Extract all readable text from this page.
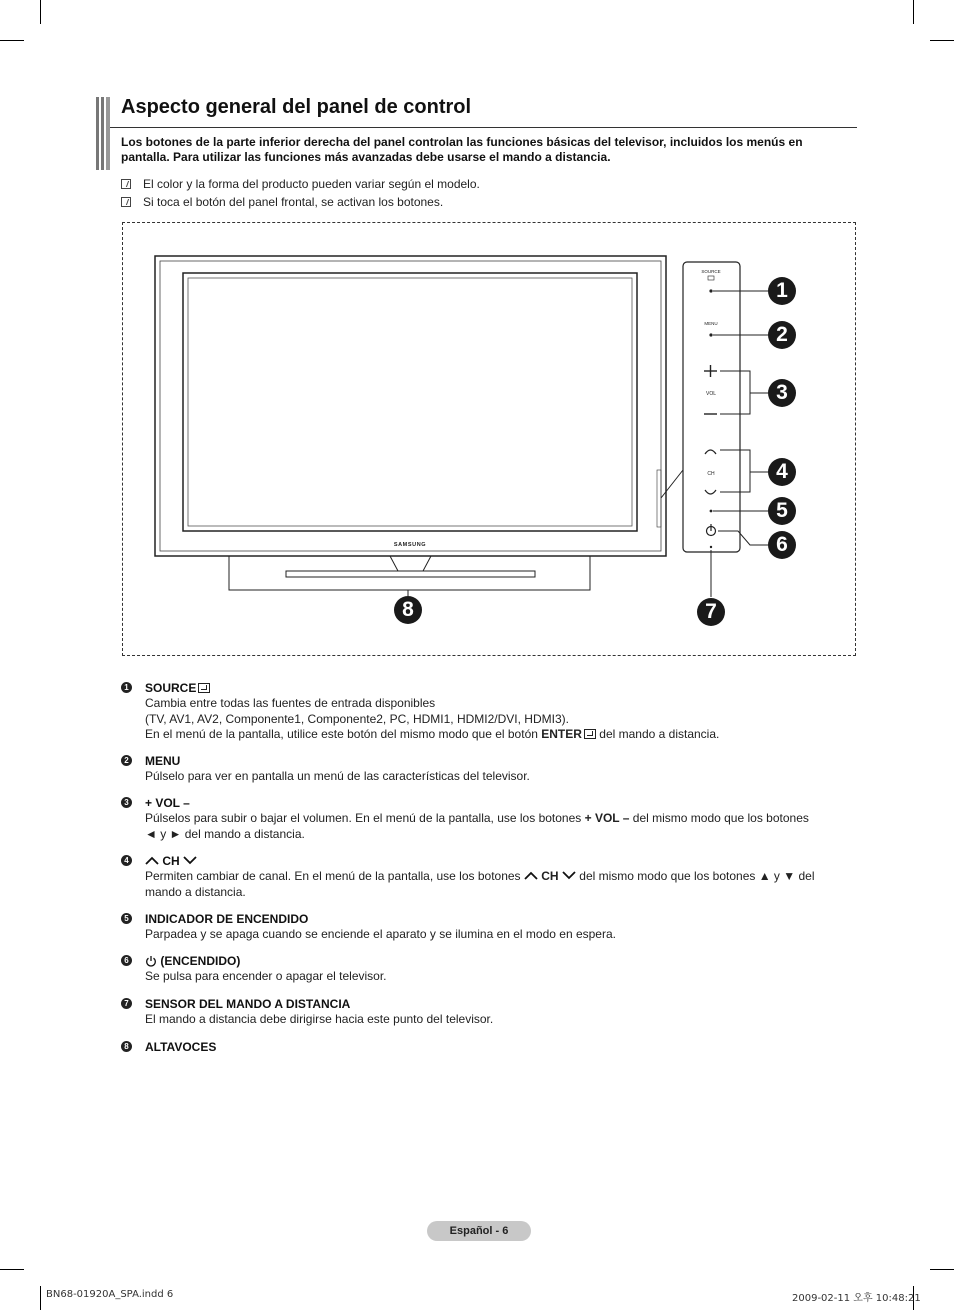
Aspecto general del panel de control
Los botones de la parte inferior derecha del panel controlan las funciones básicas del televisor, incluidos los menús en pantalla. Para utilizar las funciones más avanzadas debe usarse el mando a distancia.
El color y la forma del producto pueden variar según el modelo.
Si toca el botón del panel frontal, se activan los botones.
SAMSUNG
SOURCE
MENU
VOL
CH
1
2
3
4
5
6
7
8
1 SOURCE
Cambia entre todas las fuentes de entrada disponibles
(TV, AV1, AV2, Componente1, Componente2, PC, HDMI1, HDMI2/DVI, HDMI3).
En el menú de la pantalla, utilice este botón del mismo modo que el botón ENTER del mando a distancia.
2 MENU
Púlselo para ver en pantalla un menú de las características del televisor.
3 + VOL –
Púlselos para subir o bajar el volumen. En el menú de la pantalla, use los botones + VOL – del mismo modo que los botones
◄ y ► del mando a distancia.
4	CH
Permiten cambiar de canal. En el menú de la pantalla, use los botones CH del mismo modo que los botones ▲ y ▼ del
mando a distancia.
5 INDICADOR DE ENCENDIDO
Parpadea y se apaga cuando se enciende el aparato y se ilumina en el modo en espera.
6	(ENCENDIDO)
Se pulsa para encender o apagar el televisor.
7 SENSOR DEL MANDO A DISTANCIA
El mando a distancia debe dirigirse hacia este punto del televisor.
8 ALTAVOCES
Español - 6
BN68-01920A_SPA.indd 6	2009-02-11 오후 10:48:21
